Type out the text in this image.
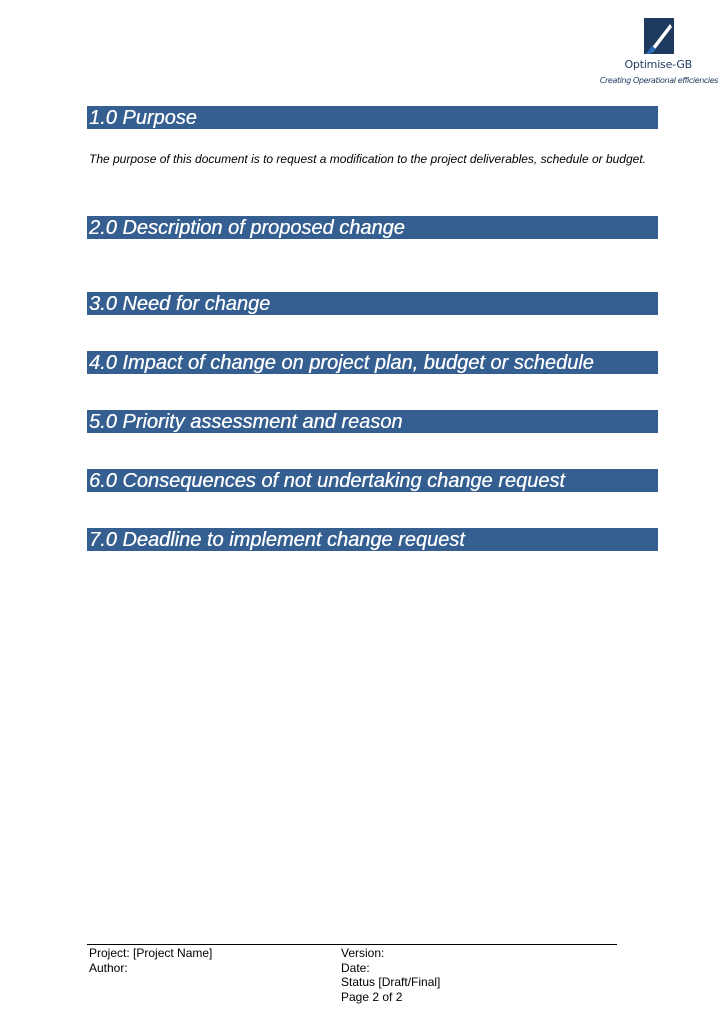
Optimise-GB
Creating Operational efficiencies
1.0 Purpose
The purpose of this document is to request a modification to the project deliverables, schedule or budget.
2.0 Description of proposed change
3.0 Need for change
4.0 Impact of change on project plan, budget or schedule
5.0 Priority assessment and reason
6.0 Consequences of not undertaking change request
7.0 Deadline to implement change request
Project: [Project Name]
Author:
Version:
Date:
Status [Draft/Final]
Page 2 of 2
